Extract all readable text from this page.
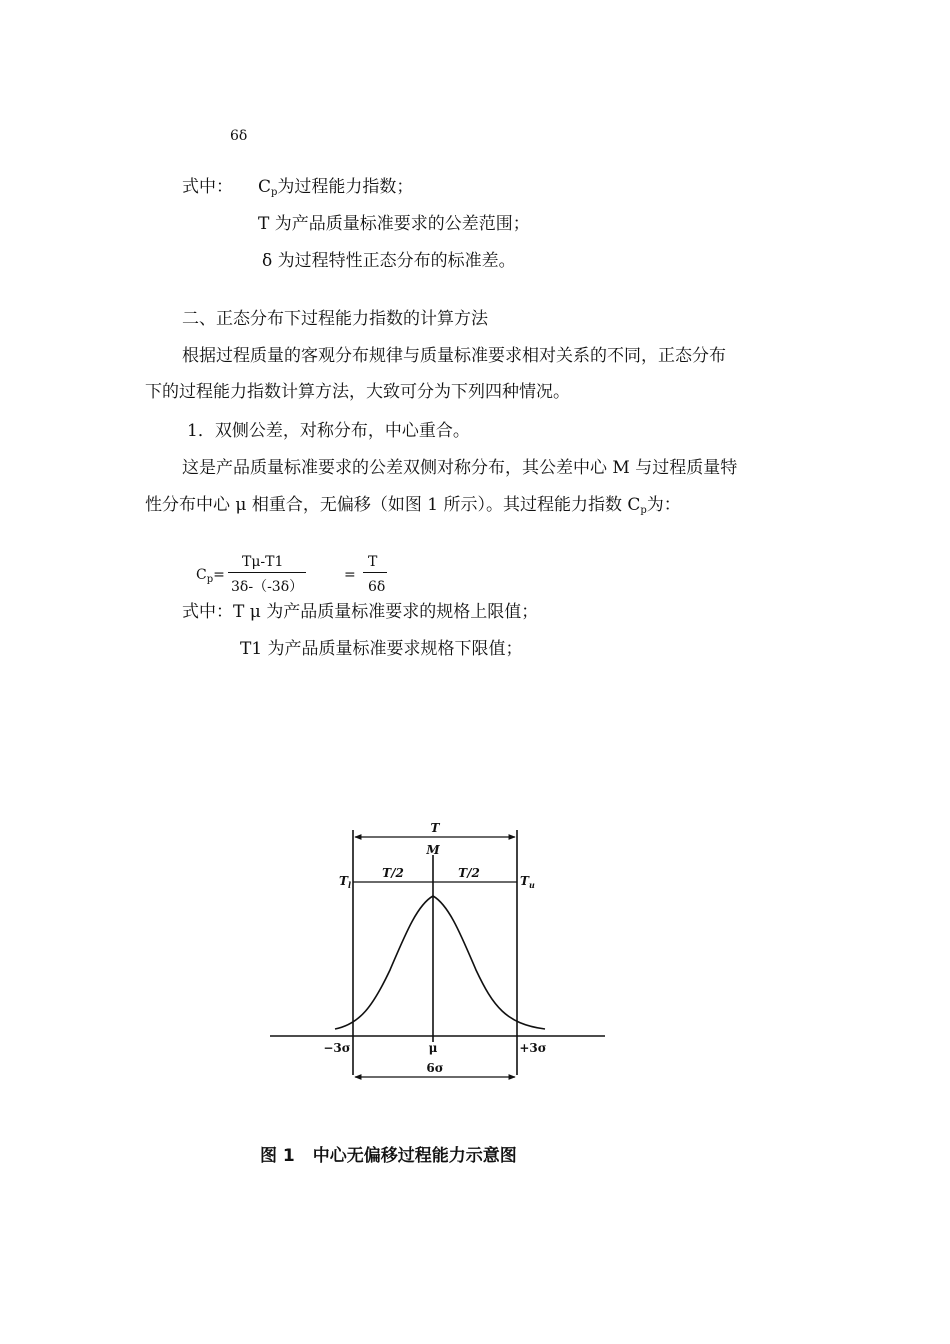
6δ
式中： $C_p$为过程能力指数；
T 为产品质量标准要求的公差范围；
δ 为过程特性正态分布的标准差。
二、正态分布下过程能力指数的计算方法
根据过程质量的客观分布规律与质量标准要求相对关系的不同，正态分布
下的过程能力指数计算方法，大致可分为下列四种情况。
1．双侧公差，对称分布，中心重合。
这是产品质量标准要求的公差双侧对称分布，其公差中心 M 与过程质量特
性分布中心 μ 相重合，无偏移（如图 1 所示）。其过程能力指数 $C_p$为：
$C_p=$
Tμ-T1
3δ-（-3δ）
=
T
6δ
式中：T μ 为产品质量标准要求的规格上限值；
T1 为产品质量标准要求规格下限值；
T
M
$T_l$	$T_u$
T/2	T/2
−3σ	μ	+3σ
6σ
图 1 中心无偏移过程能力示意图
